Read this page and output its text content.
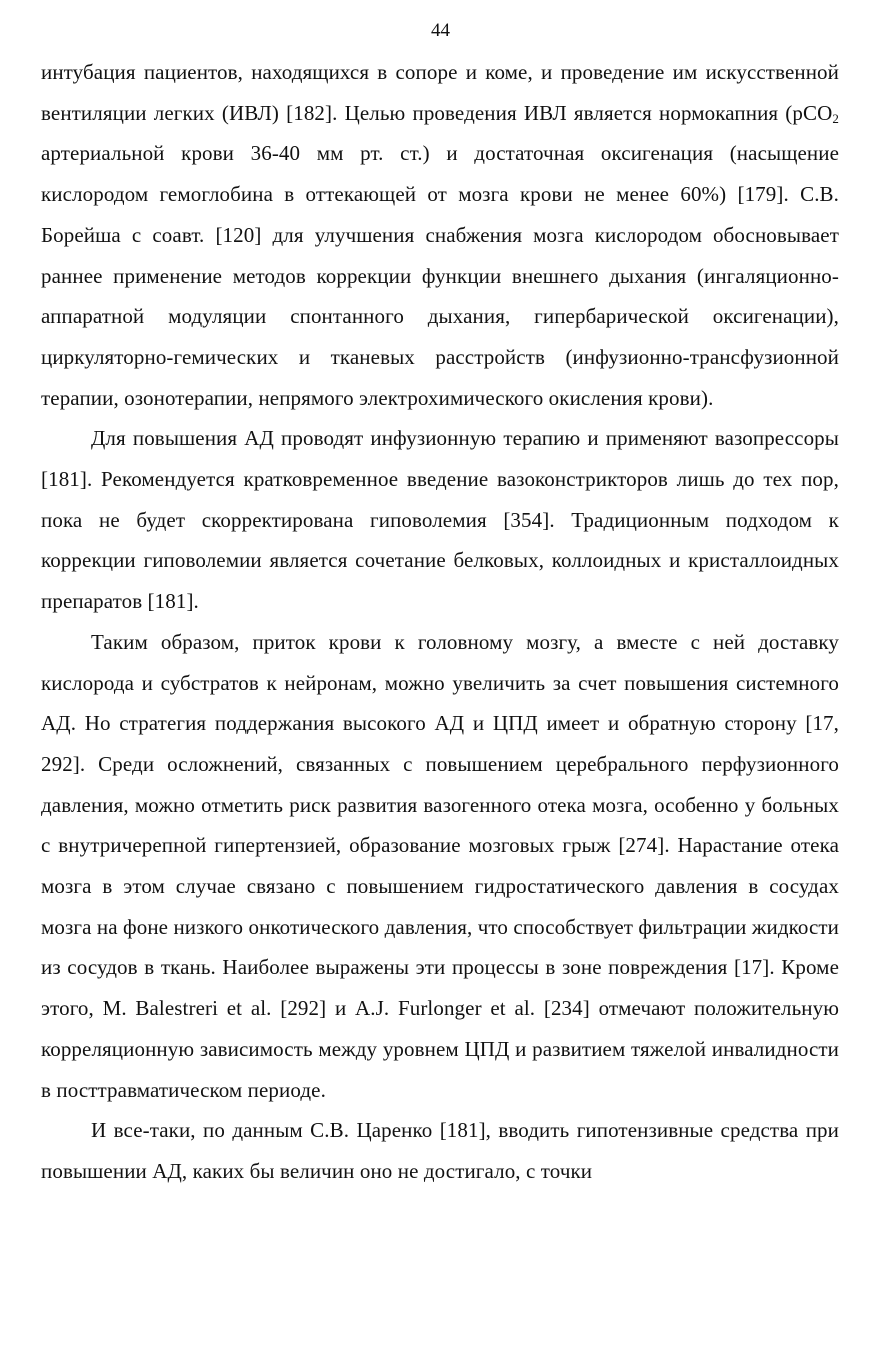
44

интубация пациентов, находящихся в сопоре и коме, и проведение им искусственной вентиляции легких (ИВЛ) [182]. Целью проведения ИВЛ является нормокапния (pCO$_2$ артериальной крови 36-40 мм рт. ст.) и достаточная оксигенация (насыщение кислородом гемоглобина в оттекающей от мозга крови не менее 60%) [179]. С.В. Борейша с соавт. [120] для улучшения снабжения мозга кислородом обосновывает раннее применение методов коррекции функции внешнего дыхания (ингаляционно-аппаратной модуляции спонтанного дыхания, гипербарической оксигенации), циркуляторно-гемических и тканевых расстройств (инфузионно-трансфузионной терапии, озонотерапии, непрямого электрохимического окисления крови).

Для повышения АД проводят инфузионную терапию и применяют вазопрессоры [181]. Рекомендуется кратковременное введение вазоконстрикторов лишь до тех пор, пока не будет скорректирована гиповолемия [354]. Традиционным подходом к коррекции гиповолемии является сочетание белковых, коллоидных и кристаллоидных препаратов [181].

Таким образом, приток крови к головному мозгу, а вместе с ней доставку кислорода и субстратов к нейронам, можно увеличить за счет повышения системного АД. Но стратегия поддержания высокого АД и ЦПД имеет и обратную сторону [17, 292]. Среди осложнений, связанных с повышением церебрального перфузионного давления, можно отметить риск развития вазогенного отека мозга, особенно у больных с внутричерепной гипертензией, образование мозговых грыж [274]. Нарастание отека мозга в этом случае связано с повышением гидростатического давления в сосудах мозга на фоне низкого онкотического давления, что способствует фильтрации жидкости из сосудов в ткань. Наиболее выражены эти процессы в зоне повреждения [17]. Кроме этого, M. Balestreri et al. [292] и A.J. Furlonger et al. [234] отмечают положительную корреляционную зависимость между уровнем ЦПД и развитием тяжелой инвалидности в посттравматическом периоде.

И все-таки, по данным С.В. Царенко [181], вводить гипотензивные средства при повышении АД, каких бы величин оно не достигало, с точки
